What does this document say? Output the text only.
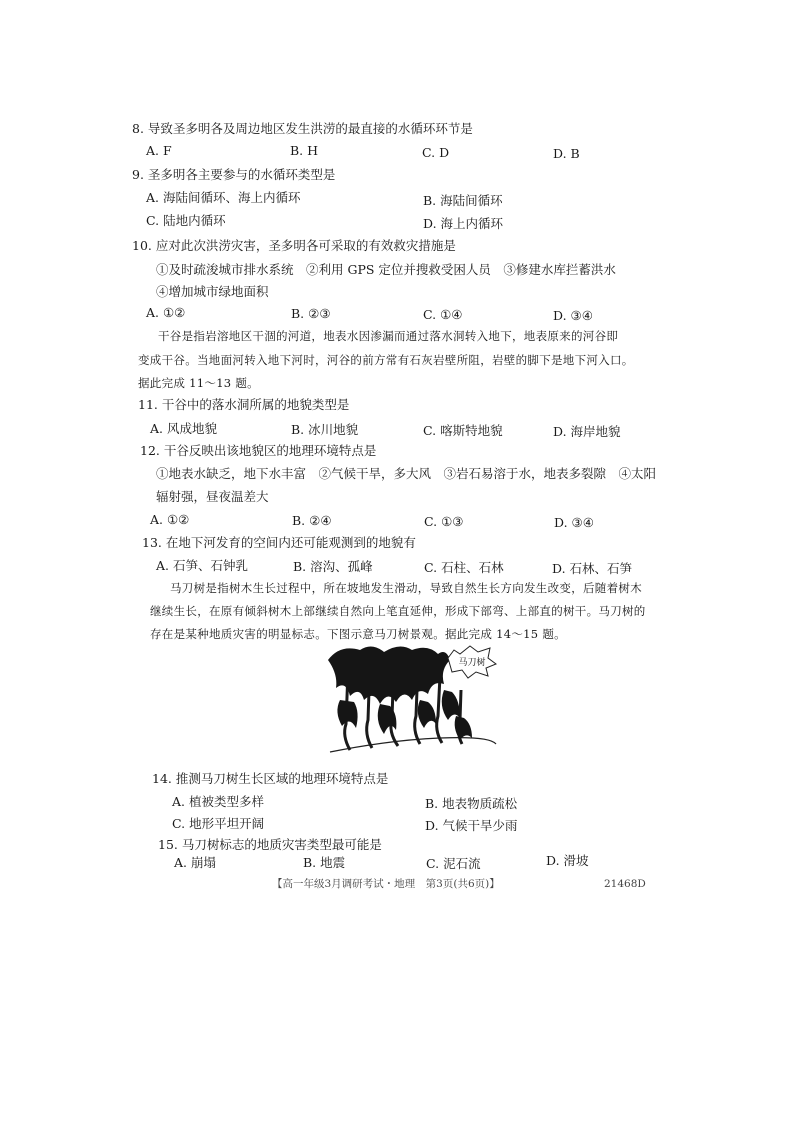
8. 导致圣多明各及周边地区发生洪涝的最直接的水循环环节是
A. F	B. H	C. D	D. B
9. 圣多明各主要参与的水循环类型是
A. 海陆间循环、海上内循环	B. 海陆间循环
C. 陆地内循环	D. 海上内循环
10. 应对此次洪涝灾害，圣多明各可采取的有效救灾措施是
①及时疏浚城市排水系统　②利用 GPS 定位并搜救受困人员　③修建水库拦蓄洪水
④增加城市绿地面积
A. ①②	B. ②③	C. ①④	D. ③④
干谷是指岩溶地区干涸的河道，地表水因渗漏而通过落水洞转入地下，地表原来的河谷即
变成干谷。当地面河转入地下河时，河谷的前方常有石灰岩壁所阻，岩壁的脚下是地下河入口。
据此完成 11～13 题。
11. 干谷中的落水洞所属的地貌类型是
A. 风成地貌	B. 冰川地貌	C. 喀斯特地貌	D. 海岸地貌
12. 干谷反映出该地貌区的地理环境特点是
①地表水缺乏，地下水丰富　②气候干旱，多大风　③岩石易溶于水，地表多裂隙　④太阳
辐射强，昼夜温差大
A. ①②	B. ②④	C. ①③	D. ③④
13. 在地下河发育的空间内还可能观测到的地貌有
A. 石笋、石钟乳	B. 溶沟、孤峰	C. 石柱、石林	D. 石林、石笋
马刀树是指树木生长过程中，所在坡地发生滑动，导致自然生长方向发生改变，后随着树木
继续生长，在原有倾斜树木上部继续自然向上笔直延伸，形成下部弯、上部直的树干。马刀树的
存在是某种地质灾害的明显标志。下图示意马刀树景观。据此完成 14～15 题。
马刀树
14. 推测马刀树生长区域的地理环境特点是
A. 植被类型多样	B. 地表物质疏松
C. 地形平坦开阔	D. 气候干旱少雨
15. 马刀树标志的地质灾害类型最可能是
A. 崩塌	B. 地震	C. 泥石流	D. 滑坡
【高一年级3月调研考试・地理　第3页(共6页)】	21468D
